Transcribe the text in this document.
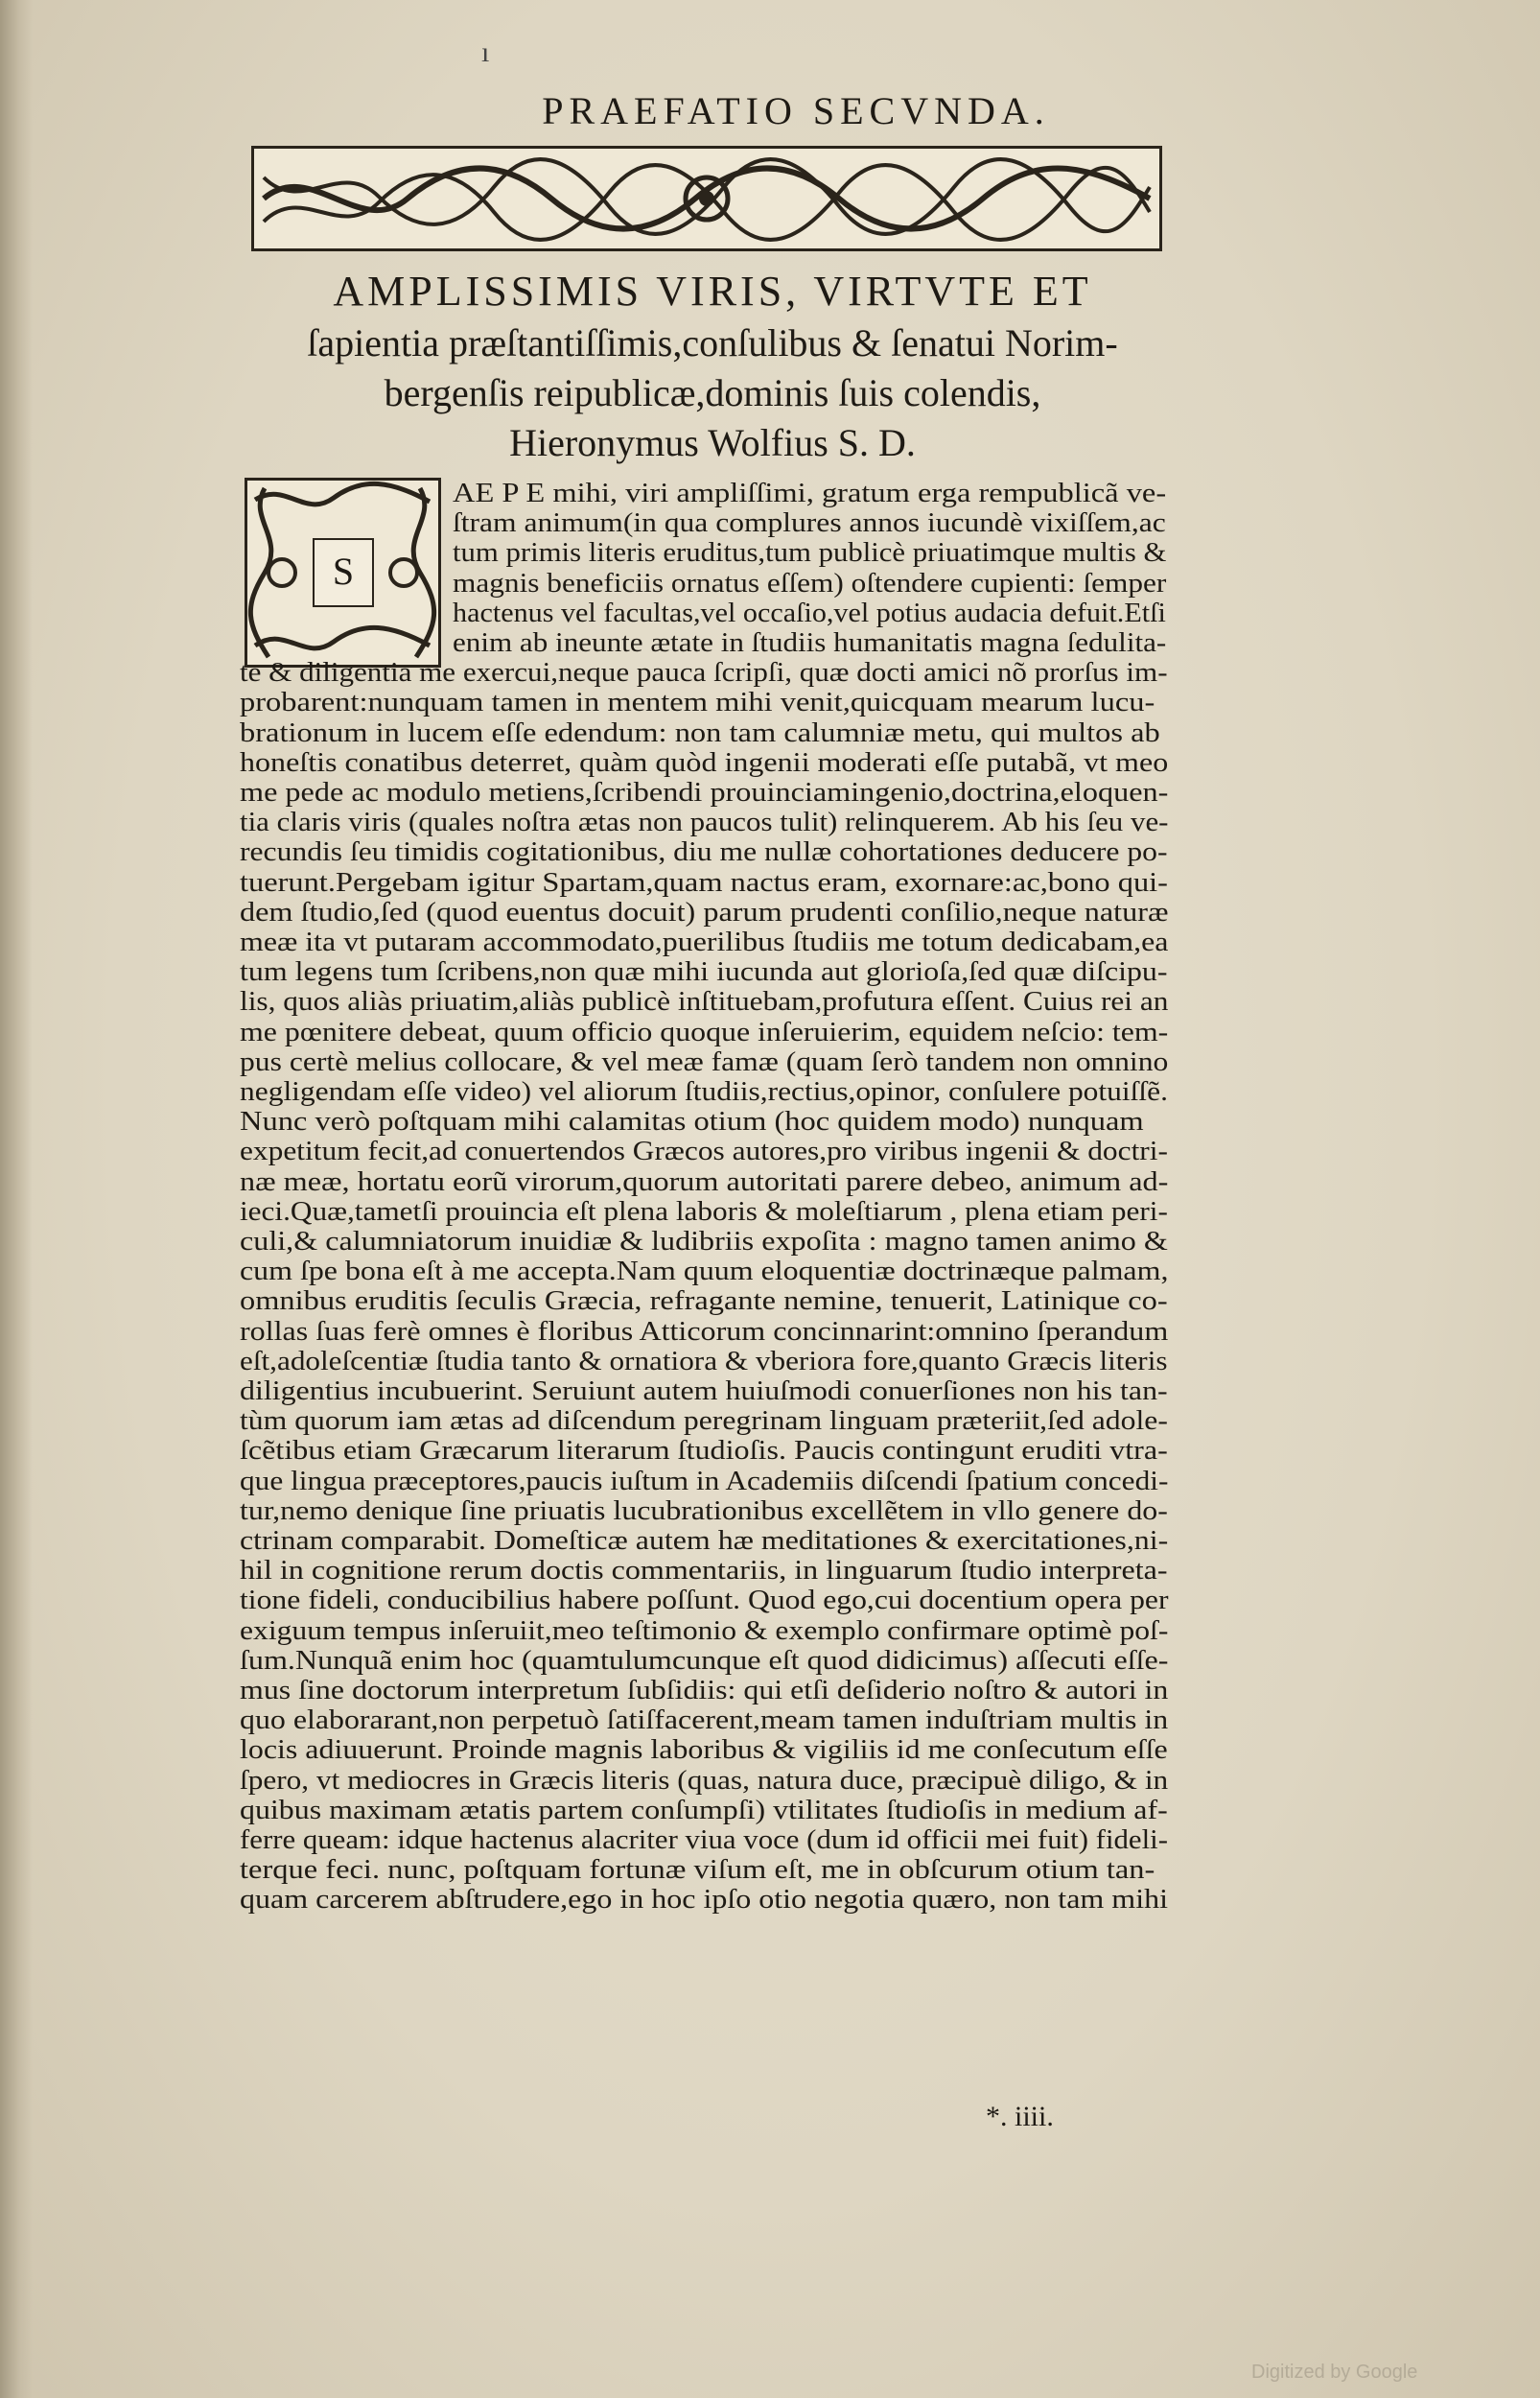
ı
PRAEFATIO SECVNDA.
AMPLISSIMIS VIRIS, VIRTVTE ET
ſapientia præſtantiſſimis,conſulibus & ſenatui Norim-
bergenſis reipublicæ,dominis ſuis colendis,
Hieronymus Wolfius S. D.
S
AE P E mihi, viri ampliſſimi, gratum erga rempublicã ve-
ſtram animum(in qua complures annos iucundè vixiſſem,ac
tum primis literis eruditus,tum publicè priuatimque multis &
magnis beneficiis ornatus eſſem) oſtendere cupienti: ſemper
hactenus vel facultas,vel occaſio,vel potius audacia defuit.Etſi
enim ab ineunte ætate in ſtudiis humanitatis magna ſedulita-
te & diligentia me exercui,neque pauca ſcripſi, quæ docti amici nõ prorſus im-
probarent:nunquam tamen in mentem mihi venit,quicquam mearum lucu-
brationum in lucem eſſe edendum: non tam calumniæ metu, qui multos ab
honeſtis conatibus deterret, quàm quòd ingenii moderati eſſe putabã, vt meo
me pede ac modulo metiens,ſcribendi prouinciamingenio,doctrina,eloquen-
tia claris viris (quales noſtra ætas non paucos tulit) relinquerem. Ab his ſeu ve-
recundis ſeu timidis cogitationibus, diu me nullæ cohortationes deducere po-
tuerunt.Pergebam igitur Spartam,quam nactus eram, exornare:ac,bono qui-
dem ſtudio,ſed (quod euentus docuit) parum prudenti conſilio,neque naturæ
meæ ita vt putaram accommodato,puerilibus ſtudiis me totum dedicabam,ea
tum legens tum ſcribens,non quæ mihi iucunda aut glorioſa,ſed quæ diſcipu-
lis, quos aliàs priuatim,aliàs publicè inſtituebam,profutura eſſent. Cuius rei an
me pœnitere debeat, quum officio quoque inſeruierim, equidem neſcio: tem-
pus certè melius collocare, & vel meæ famæ (quam ſerò tandem non omnino
negligendam eſſe video) vel aliorum ſtudiis,rectius,opinor, conſulere potuiſſẽ.
Nunc verò poſtquam mihi calamitas otium (hoc quidem modo) nunquam
expetitum fecit,ad conuertendos Græcos autores,pro viribus ingenii & doctri-
næ meæ, hortatu eorũ virorum,quorum autoritati parere debeo, animum ad-
ieci.Quæ,tametſi prouincia eſt plena laboris & moleſtiarum , plena etiam peri-
culi,& calumniatorum inuidiæ & ludibriis expoſita : magno tamen animo &
cum ſpe bona eſt à me accepta.Nam quum eloquentiæ doctrinæque palmam,
omnibus eruditis ſeculis Græcia, refragante nemine, tenuerit, Latinique co-
rollas ſuas ferè omnes è floribus Atticorum concinnarint:omnino ſperandum
eſt,adoleſcentiæ ſtudia tanto & ornatiora & vberiora fore,quanto Græcis literis
diligentius incubuerint. Seruiunt autem huiuſmodi conuerſiones non his tan-
tùm quorum iam ætas ad diſcendum peregrinam linguam præteriit,ſed adole-
ſcẽtibus etiam Græcarum literarum ſtudioſis. Paucis contingunt eruditi vtra-
que lingua præceptores,paucis iuſtum in Academiis diſcendi ſpatium concedi-
tur,nemo denique ſine priuatis lucubrationibus excellẽtem in vllo genere do-
ctrinam comparabit. Domeſticæ autem hæ meditationes & exercitationes,ni-
hil in cognitione rerum doctis commentariis, in linguarum ſtudio interpreta-
tione fideli, conducibilius habere poſſunt. Quod ego,cui docentium opera per
exiguum tempus inſeruiit,meo teſtimonio & exemplo confirmare optimè poſ-
ſum.Nunquã enim hoc (quamtulumcunque eſt quod didicimus) aſſecuti eſſe-
mus ſine doctorum interpretum ſubſidiis: qui etſi deſiderio noſtro & autori in
quo elaborarant,non perpetuò ſatiſfacerent,meam tamen induſtriam multis in
locis adiuuerunt. Proinde magnis laboribus & vigiliis id me conſecutum eſſe
ſpero, vt mediocres in Græcis literis (quas, natura duce, præcipuè diligo, & in
quibus maximam ætatis partem conſumpſi) vtilitates ſtudioſis in medium af-
ferre queam: idque hactenus alacriter viua voce (dum id officii mei fuit) fideli-
terque feci. nunc, poſtquam fortunæ viſum eſt, me in obſcurum otium tan-
quam carcerem abſtrudere,ego in hoc ipſo otio negotia quæro, non tam mihi
*. iiii.
Digitized by Google
